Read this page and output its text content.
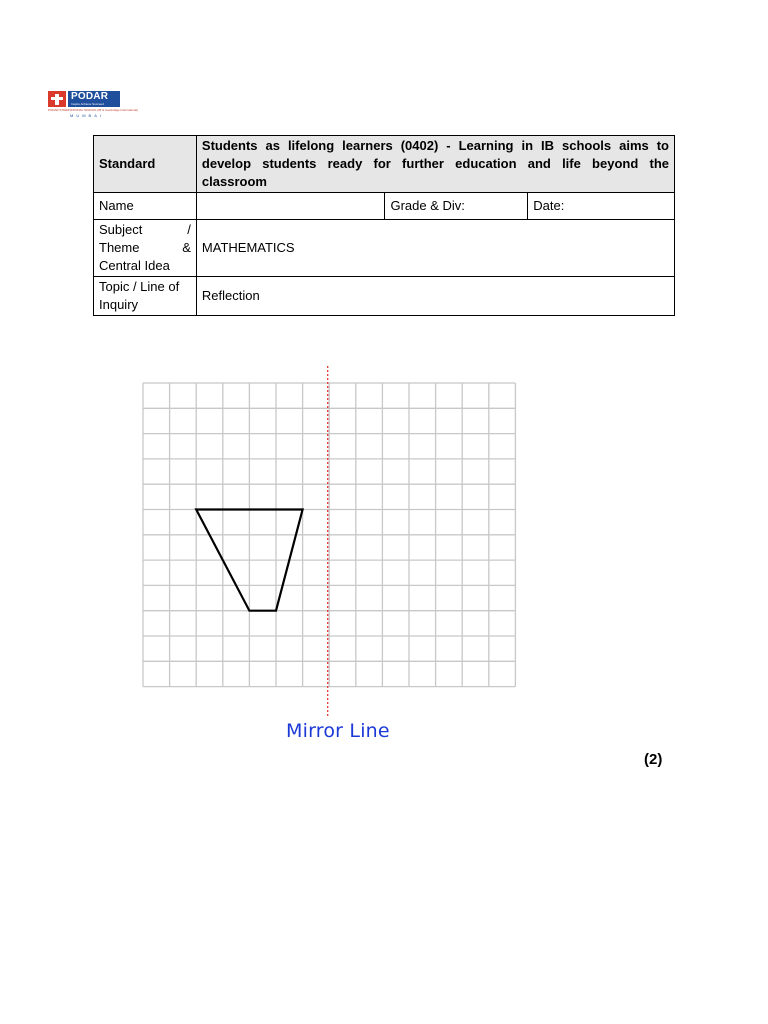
PODAR
Inspire Achieve Succeed
PODAR INTERNATIONAL SCHOOL (IB & Cambridge International)
MUMBAI
Standard	Students as lifelong learners (0402) - Learning in IB schools aims to develop students ready for further education and life beyond the classroom		
Name		Grade & Div:	Date:
Subject / Theme & Central Idea	MATHEMATICS		
Topic / Line of Inquiry	Reflection		
Mirror Line
(2)
